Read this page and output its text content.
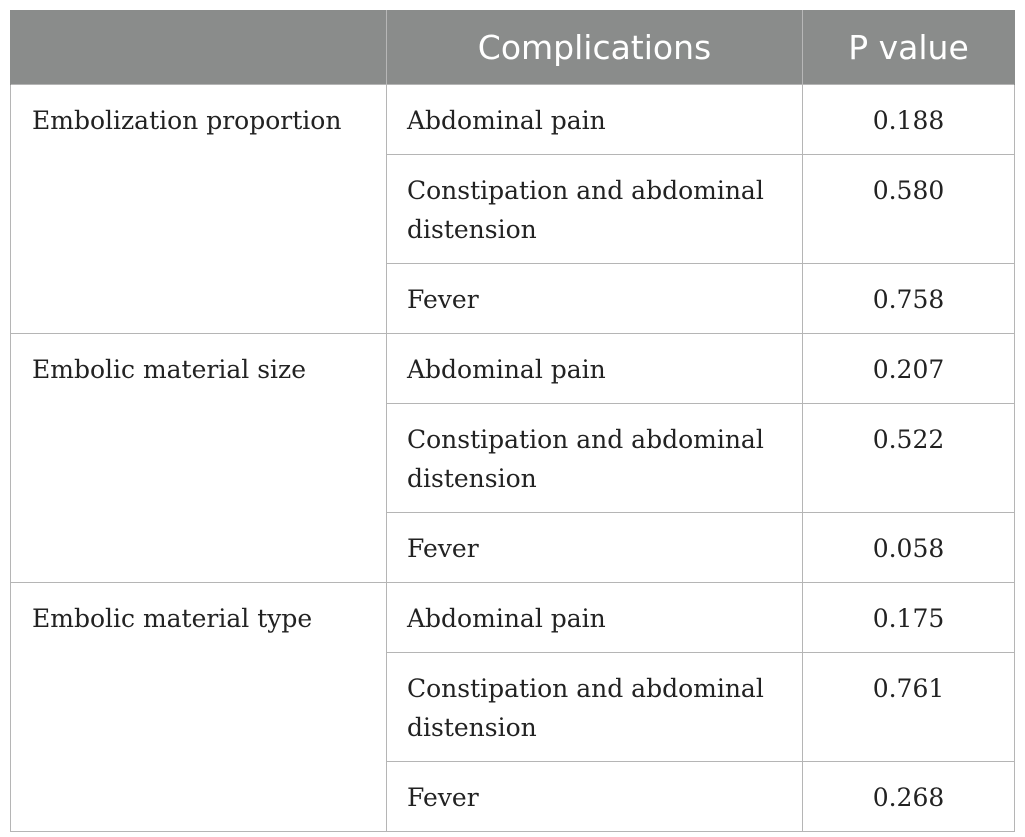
	Complications	P value
Embolization proportion	Abdominal pain	0.188
	Constipation and abdominal distension	0.580
	Fever	0.758
Embolic material size	Abdominal pain	0.207
	Constipation and abdominal distension	0.522
	Fever	0.058
Embolic material type	Abdominal pain	0.175
	Constipation and abdominal distension	0.761
	Fever	0.268
